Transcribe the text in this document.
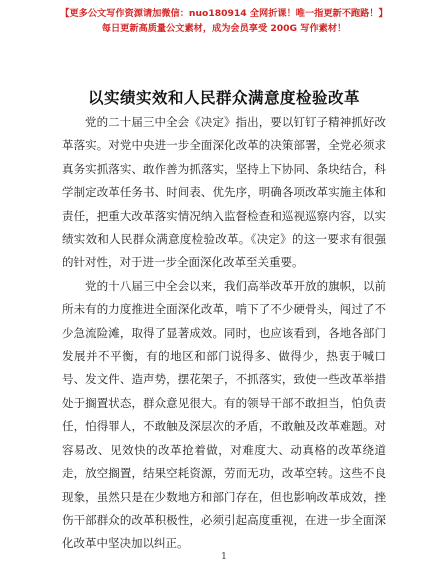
【更多公文写作资源请加微信：nuo180914 全网折课！唯一指更新不跑路！】
每日更新高质量公文素材，成为会员享受 200G 写作素材！
以实绩实效和人民群众满意度检验改革

党的二十届三中全会《决定》指出，要以钉钉子精神抓好改革落实。对党中央进一步全面深化改革的决策部署，全党必须求真务实抓落实、敢作善为抓落实，坚持上下协同、条块结合，科学制定改革任务书、时间表、优先序，明确各项改革实施主体和责任，把重大改革落实情况纳入监督检查和巡视巡察内容，以实绩实效和人民群众满意度检验改革。《决定》的这一要求有很强的针对性，对于进一步全面深化改革至关重要。

党的十八届三中全会以来，我们高举改革开放的旗帜，以前所未有的力度推进全面深化改革，啃下了不少硬骨头，闯过了不少急流险滩，取得了显著成效。同时，也应该看到，各地各部门发展并不平衡，有的地区和部门说得多、做得少，热衷于喊口号、发文件、造声势，摆花架子，不抓落实，致使一些改革举措处于搁置状态，群众意见很大。有的领导干部不敢担当，怕负责任，怕得罪人，不敢触及深层次的矛盾，不敢触及改革难题。对容易改、见效快的改革抢着做，对难度大、动真格的改革绕道走，放空搁置，结果空耗资源，劳而无功，改革空转。这些不良现象，虽然只是在少数地方和部门存在，但也影响改革成效，挫伤干部群众的改革积极性，必须引起高度重视，在进一步全面深化改革中坚决加以纠正。

1
